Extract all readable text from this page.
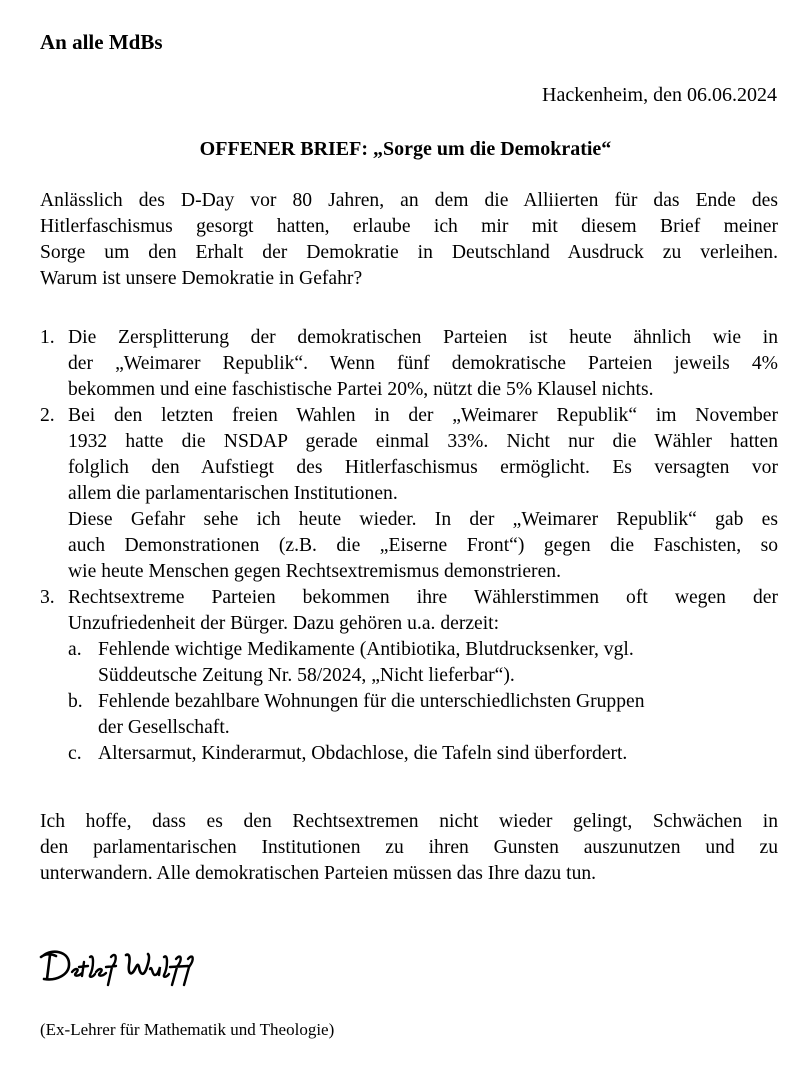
An alle MdBs
Hackenheim, den 06.06.2024
OFFENER BRIEF: „Sorge um die Demokratie“
Anlässlich des D-Day vor 80 Jahren, an dem die Alliierten für das Ende des
Hitlerfaschismus gesorgt hatten, erlaube ich mir mit diesem Brief meiner
Sorge um den Erhalt der Demokratie in Deutschland Ausdruck zu verleihen.
Warum ist unsere Demokratie in Gefahr?
1. Die Zersplitterung der demokratischen Parteien ist heute ähnlich wie in
der „Weimarer Republik“. Wenn fünf demokratische Parteien jeweils 4%
bekommen und eine faschistische Partei 20%, nützt die 5% Klausel nichts.
2. Bei den letzten freien Wahlen in der „Weimarer Republik“ im November
1932 hatte die NSDAP gerade einmal 33%. Nicht nur die Wähler hatten
folglich den Aufstiegt des Hitlerfaschismus ermöglicht. Es versagten vor
allem die parlamentarischen Institutionen.
Diese Gefahr sehe ich heute wieder. In der „Weimarer Republik“ gab es
auch Demonstrationen (z.B. die „Eiserne Front“) gegen die Faschisten, so
wie heute Menschen gegen Rechtsextremismus demonstrieren.
3. Rechtsextreme Parteien bekommen ihre Wählerstimmen oft wegen der
Unzufriedenheit der Bürger. Dazu gehören u.a. derzeit:
a. Fehlende wichtige Medikamente (Antibiotika, Blutdrucksenker, vgl.
Süddeutsche Zeitung Nr. 58/2024, „Nicht lieferbar“).
b. Fehlende bezahlbare Wohnungen für die unterschiedlichsten Gruppen
der Gesellschaft.
c. Altersarmut, Kinderarmut, Obdachlose, die Tafeln sind überfordert.
Ich hoffe, dass es den Rechtsextremen nicht wieder gelingt, Schwächen in
den parlamentarischen Institutionen zu ihren Gunsten auszunutzen und zu
unterwandern. Alle demokratischen Parteien müssen das Ihre dazu tun.
(Ex-Lehrer für Mathematik und Theologie)
